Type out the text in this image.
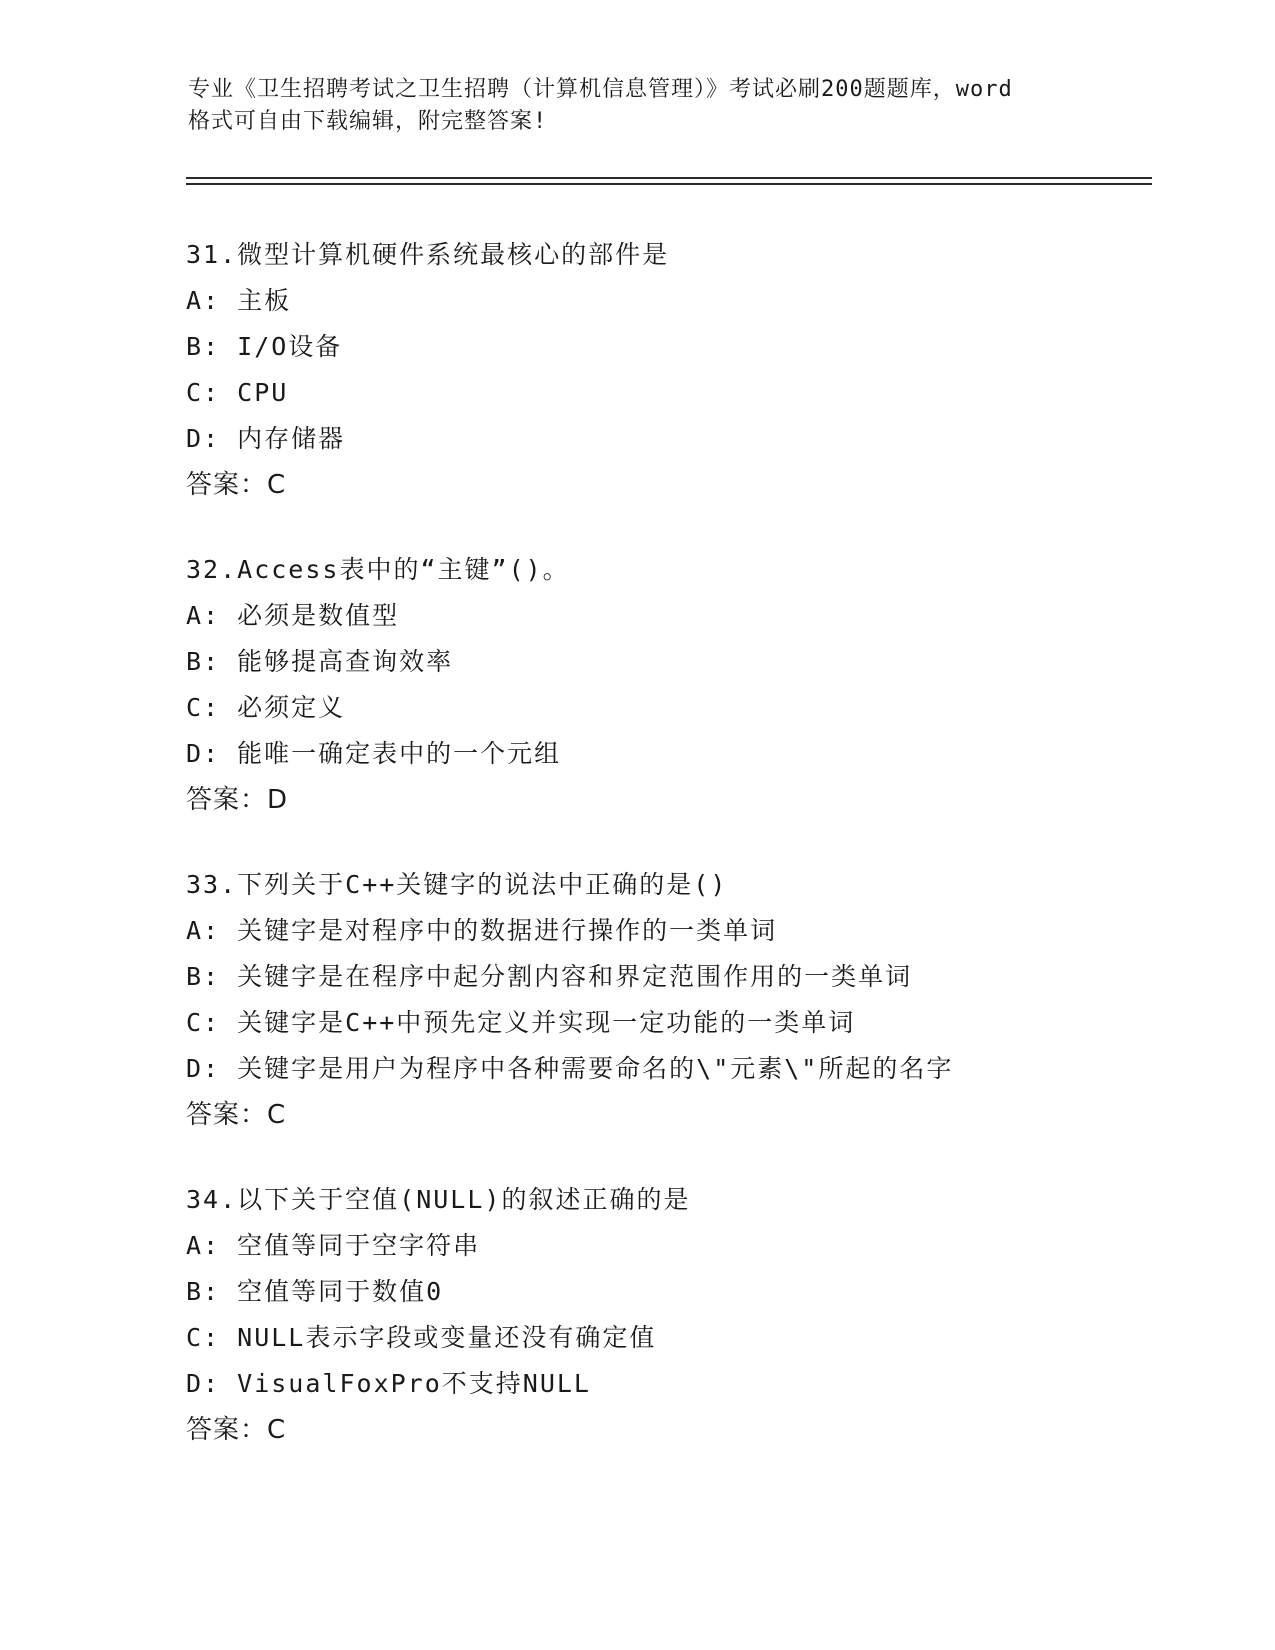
专业《卫生招聘考试之卫生招聘（计算机信息管理）》考试必刷200题题库，word
格式可自由下载编辑，附完整答案!
31.微型计算机硬件系统最核心的部件是
A: 主板
B: I/O设备
C: CPU
D: 内存储器
答案：C
32.Access表中的“主键”()。
A: 必须是数值型
B: 能够提高查询效率
C: 必须定义
D: 能唯一确定表中的一个元组
答案：D
33.下列关于C++关键字的说法中正确的是()
A: 关键字是对程序中的数据进行操作的一类单词
B: 关键字是在程序中起分割内容和界定范围作用的一类单词
C: 关键字是C++中预先定义并实现一定功能的一类单词
D: 关键字是用户为程序中各种需要命名的\"元素\"所起的名字
答案：C
34.以下关于空值(NULL)的叙述正确的是
A: 空值等同于空字符串
B: 空值等同于数值0
C: NULL表示字段或变量还没有确定值
D: VisualFoxPro不支持NULL
答案：C
